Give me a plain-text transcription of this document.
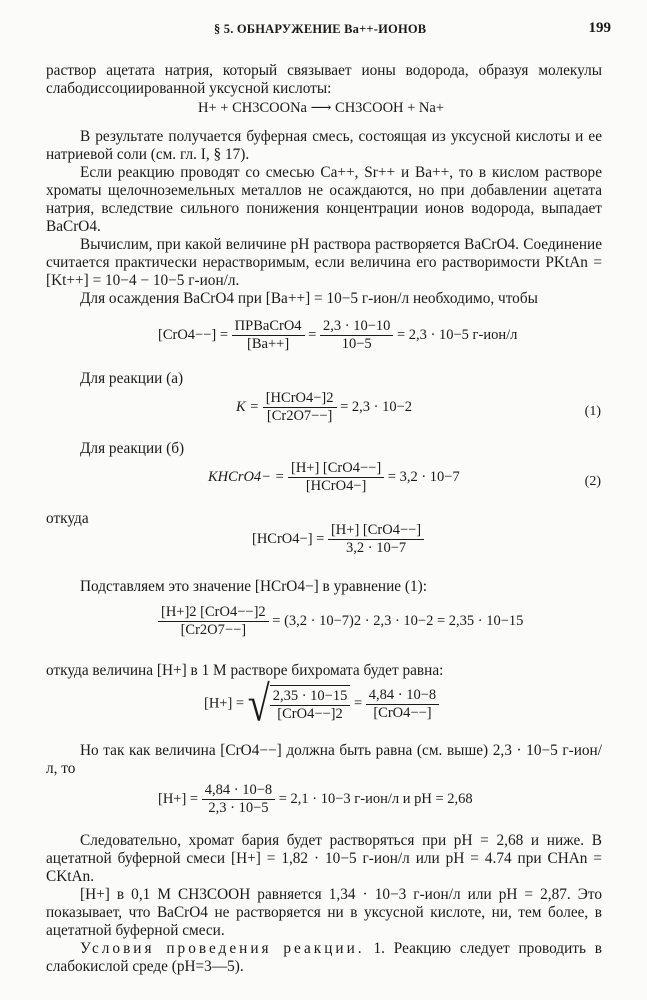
§ 5. ОБНАРУЖЕНИЕ Ba++-ИОНОВ	199
раствор ацетата натрия, который связывает ионы водорода, образуя молекулы слабодиссоциированной уксусной кислоты:
H+ + CH3COONa ⟶ CH3COOH + Na+
В результате получается буферная смесь, состоящая из уксусной кислоты и ее натриевой соли (см. гл. I, § 17).
Если реакцию проводят со смесью Ca++, Sr++ и Ba++, то в кислом растворе хроматы щелочноземельных металлов не осаждаются, но при добавлении ацетата натрия, вследствие сильного понижения концентрации ионов водорода, выпадает BaCrO4.
Вычислим, при какой величине pH раствора растворяется BaCrO4. Соединение считается практически нерастворимым, если величина его растворимости PKtAn = [Kt++] = 10−4 − 10−5 г-ион/л.
Для осаждения BaCrO4 при [Ba++] = 10−5 г-ион/л необходимо, чтобы
$[CrO4--] = \frac{\text{ПРBaCrO4}}{[Ba++]} = \frac{2,3 \cdot 10-10}{10-5} = 2,3 \cdot 10-5$ г-ион/л
Для реакции (а)
$K = \frac{\text{[HCrO4−]2}}{[Cr2O7--]} = 2,3 \cdot 10-2$	(1)
Для реакции (б)
KHCrO4− = $\frac{\text{[H+] [CrO4−−]}}{\text{[HCrO4−]}} = 3,2 \cdot 10-7$	(2)
откуда
[HCrO4−] = $\frac{\text{[H+] [CrO4−−]}}{3,2 \cdot 10-7}$
Подставляем это значение [HCrO4−] в уравнение (1):
$\frac{\text{[H+]2 [CrO4−−]2}}{[Cr2O7--]} = (3,2 \cdot 10-7)2 \cdot 2,3 \cdot 10-2 = 2,35 \cdot 10-15$
откуда величина [H+] в 1 М растворе бихромата будет равна:
[H+] = √ $\frac{2,35 \cdot 10-15}{\text{[CrO4−−]2}} = \frac{4,84 \cdot 10-8}{\text{[CrO4−−]}}$
Но так как величина [CrO4−−] должна быть равна (см. выше) 2,3 · 10−5 г-ион/л, то
$[H+] = \frac{4,84 \cdot 10-8}{2,3 \cdot 10-5} = 2,1 \cdot 10-3$ г-ион/л и pH = 2,68
Следовательно, хромат бария будет растворяться при pH = 2,68 и ниже. В ацетатной буферной смеси [H+] = 1,82 · 10−5 г-ион/л или pH = 4.74 при CHAn = CKtAn.
[H+] в 0,1 М CH3COOH равняется 1,34 · 10−3 г-ион/л или pH = 2,87. Это показывает, что BaCrO4 не растворяется ни в уксусной кислоте, ни, тем более, в ацетатной буферной смеси.
Условия проведения реакции. 1. Реакцию следует проводить в слабокислой среде (pH=3—5).
